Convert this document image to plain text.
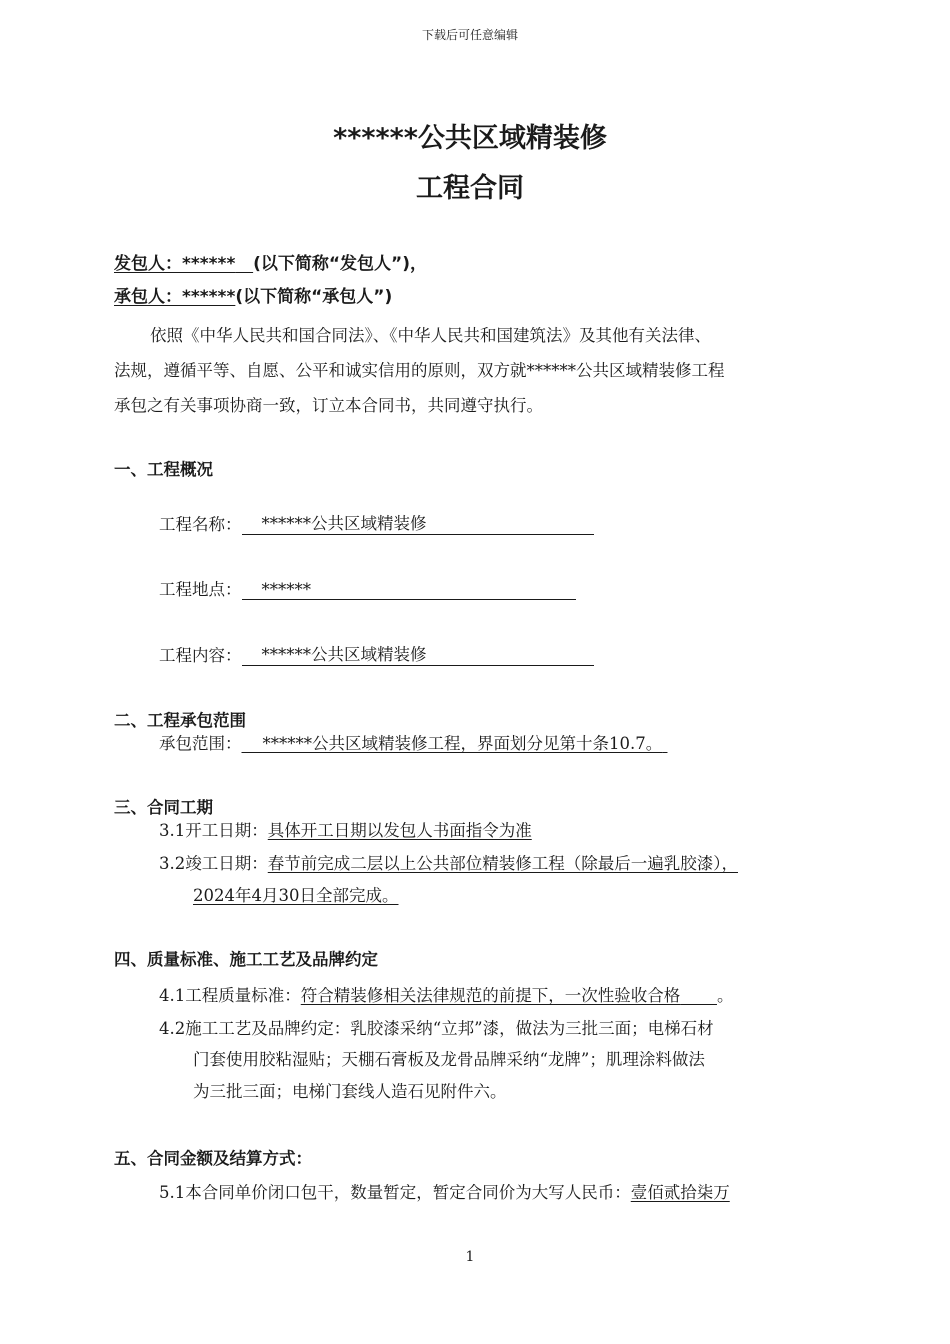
下载后可任意编辑
******公共区域精装修
工程合同
发包人：****** (以下简称“发包人”)，
承包人：******(以下简称“承包人”)
依照《中华人民共和国合同法》、《中华人民共和国建筑法》及其他有关法律、
法规，遵循平等、自愿、公平和诚实信用的原则，双方就******公共区域精装修工程
承包之有关事项协商一致，订立本合同书，共同遵守执行。
一、工程概况
工程名称： ******公共区域精装修
工程地点： ******
工程内容： ******公共区域精装修
二、工程承包范围
承包范围： ******公共区域精装修工程，界面划分见第十条10.7。
三、合同工期
3.1开工日期：具体开工日期以发包人书面指令为准
3.2竣工日期：春节前完成二层以上公共部位精装修工程（除最后一遍乳胶漆），
2024年4月30日全部完成。
四、质量标准、施工工艺及品牌约定
4.1工程质量标准：符合精装修相关法律规范的前提下，一次性验收合格 。
4.2施工工艺及品牌约定：乳胶漆采纳“立邦”漆，做法为三批三面；电梯石材
门套使用胶粘湿贴；天棚石膏板及龙骨品牌采纳“龙牌”；肌理涂料做法
为三批三面；电梯门套线人造石见附件六。
五、合同金额及结算方式：
5.1本合同单价闭口包干，数量暂定，暂定合同价为大写人民币：壹佰贰拾柒万
1
